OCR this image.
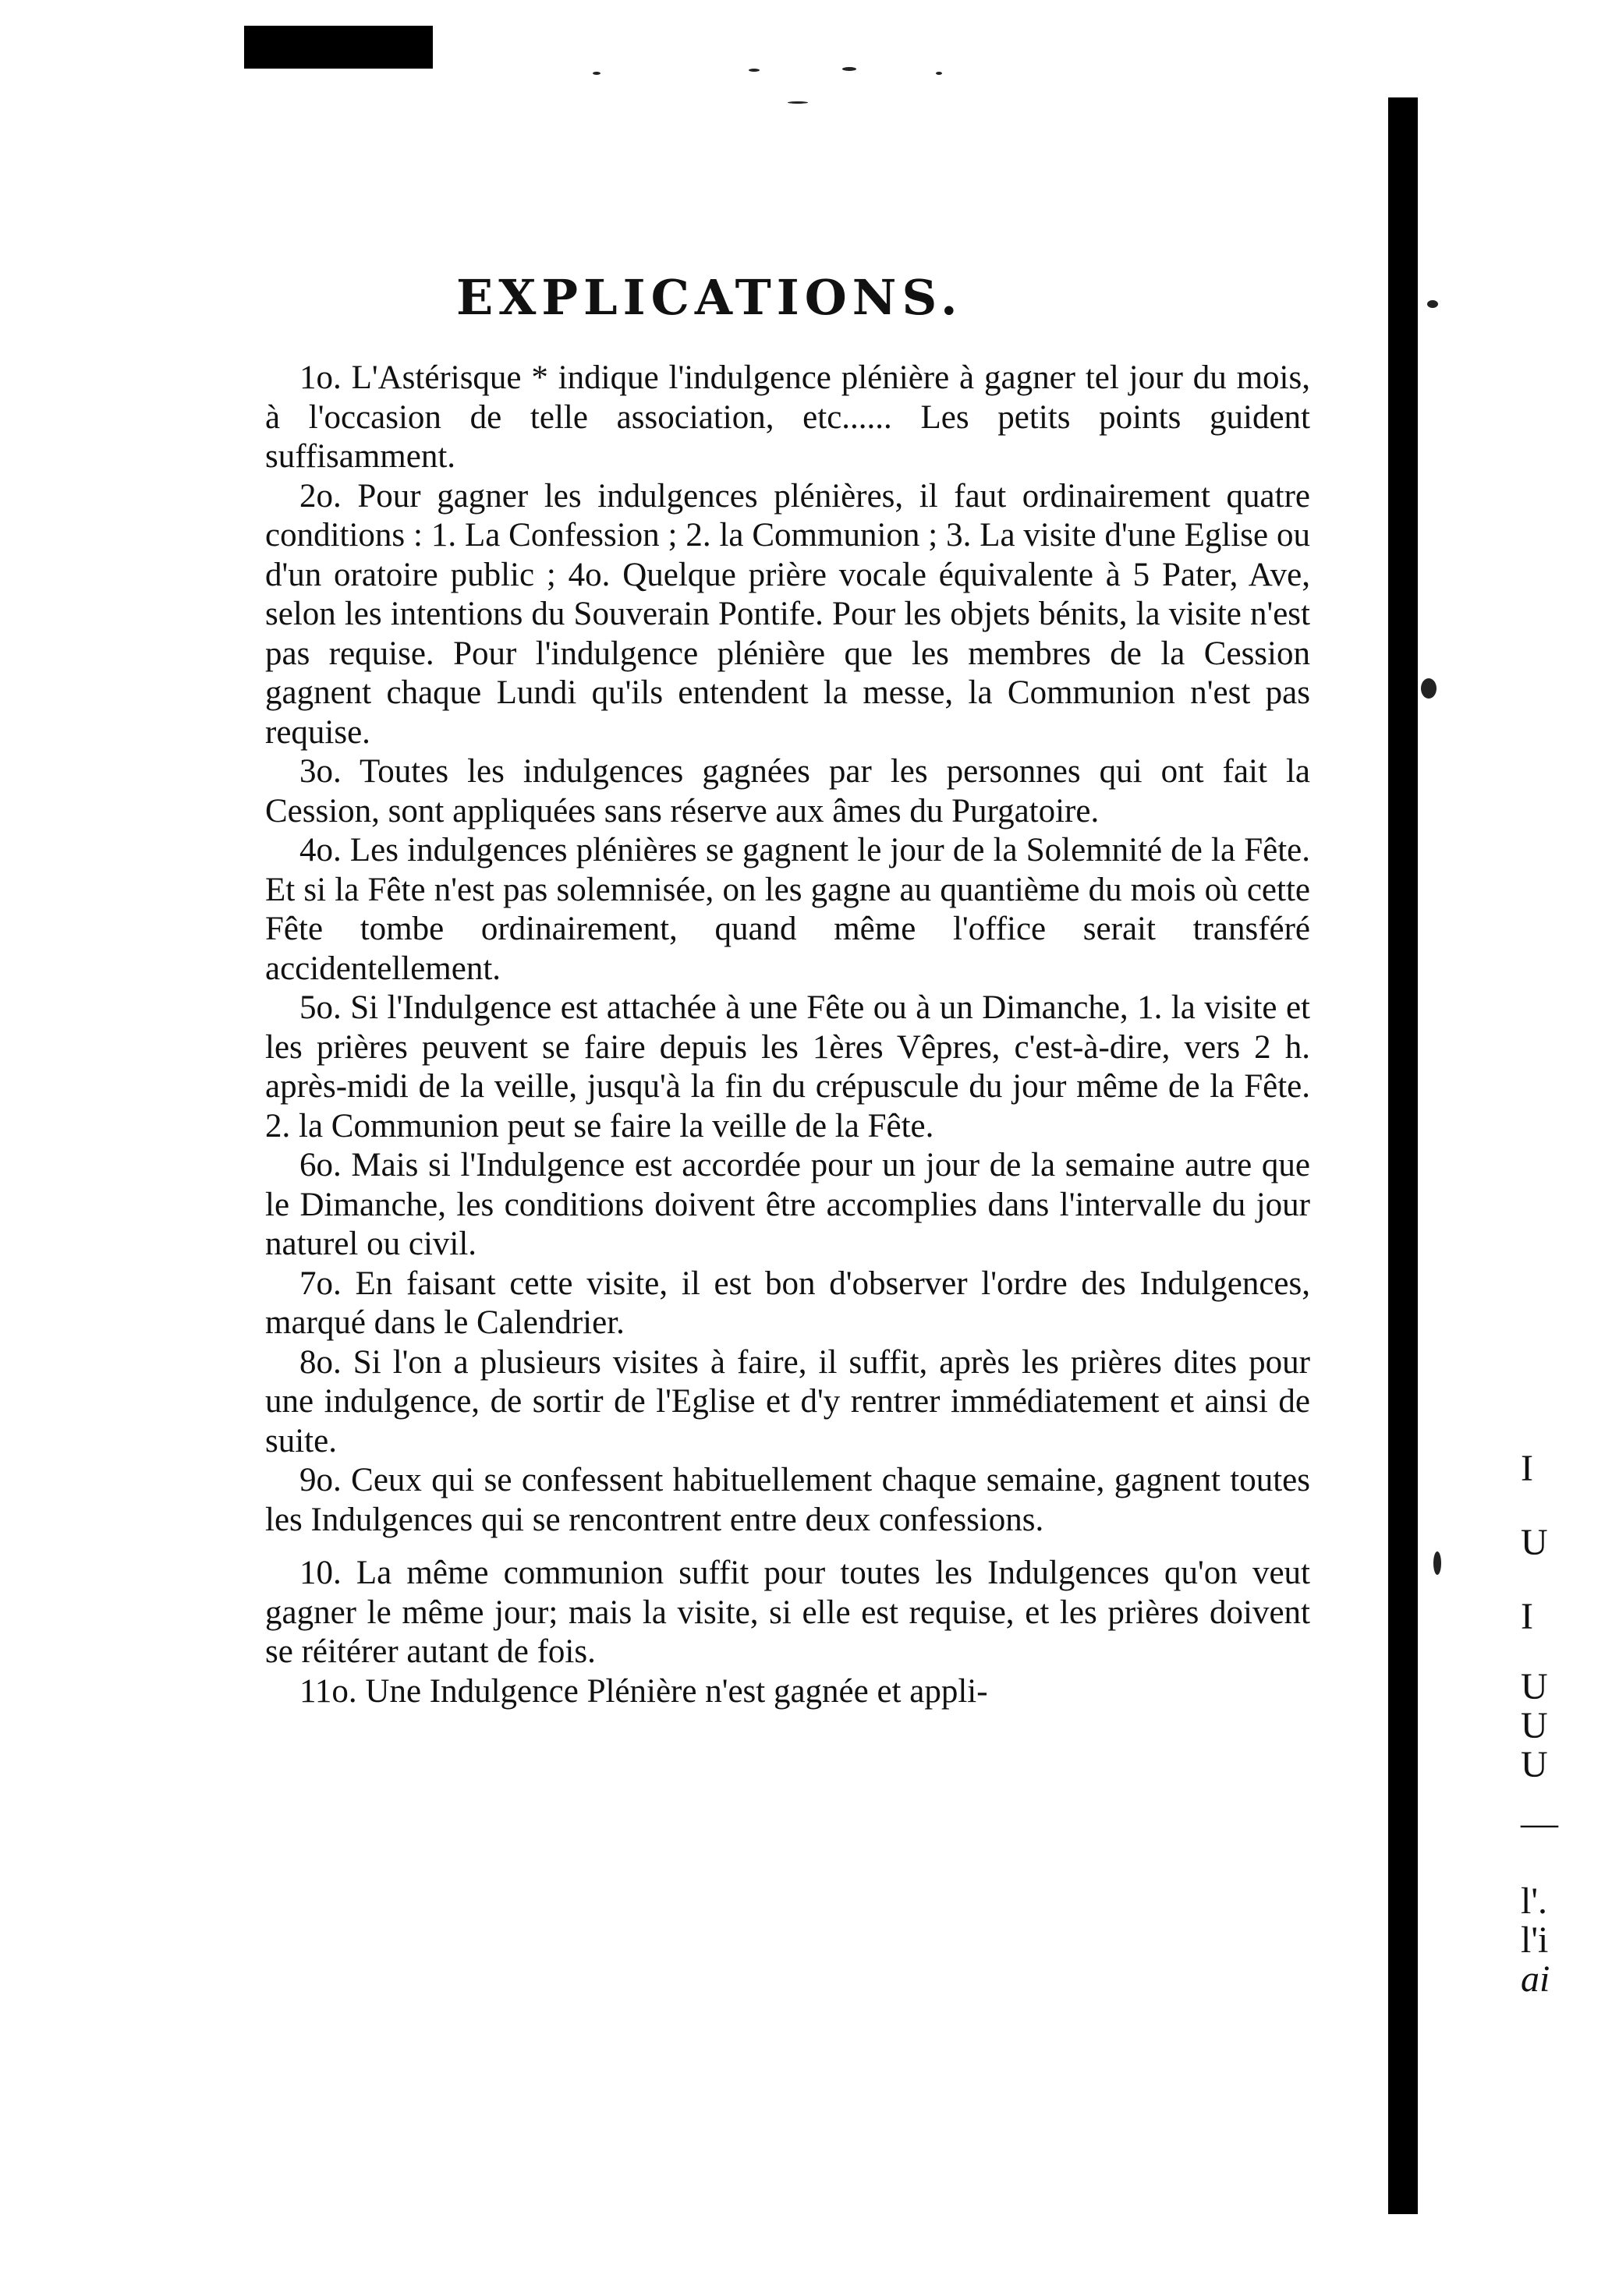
EXPLICATIONS.

1o. L'Astérisque * indique l'indulgence plénière à gagner tel jour du mois, à l'occasion de telle association, etc...... Les petits points guident suffisamment.

2o. Pour gagner les indulgences plénières, il faut ordinairement quatre conditions : 1. La Confession ; 2. la Communion ; 3. La visite d'une Eglise ou d'un oratoire public ; 4o. Quelque prière vocale équivalente à 5 Pater, Ave, selon les intentions du Souverain Pontife. Pour les objets bénits, la visite n'est pas requise. Pour l'indulgence plénière que les membres de la Cession gagnent chaque Lundi qu'ils entendent la messe, la Communion n'est pas requise.

3o. Toutes les indulgences gagnées par les personnes qui ont fait la Cession, sont appliquées sans réserve aux âmes du Purgatoire.

4o. Les indulgences plénières se gagnent le jour de la Solemnité de la Fête. Et si la Fête n'est pas solemnisée, on les gagne au quantième du mois où cette Fête tombe ordinairement, quand même l'office serait transféré accidentellement.

5o. Si l'Indulgence est attachée à une Fête ou à un Dimanche, 1. la visite et les prières peuvent se faire depuis les 1ères Vêpres, c'est-à-dire, vers 2 h. après-midi de la veille, jusqu'à la fin du crépuscule du jour même de la Fête. 2. la Communion peut se faire la veille de la Fête.

6o. Mais si l'Indulgence est accordée pour un jour de la semaine autre que le Dimanche, les conditions doivent être accomplies dans l'intervalle du jour naturel ou civil.

7o. En faisant cette visite, il est bon d'observer l'ordre des Indulgences, marqué dans le Calendrier.

8o. Si l'on a plusieurs visites à faire, il suffit, après les prières dites pour une indulgence, de sortir de l'Eglise et d'y rentrer immédiatement et ainsi de suite.

9o. Ceux qui se confessent habituellement chaque semaine, gagnent toutes les Indulgences qui se rencontrent entre deux confessions.

10. La même communion suffit pour toutes les Indulgences qu'on veut gagner le même jour; mais la visite, si elle est requise, et les prières doivent se réitérer autant de fois.

11o. Une Indulgence Plénière n'est gagnée et appli-

I
U
I
U
U
U
—
l'.
l'i
ai
